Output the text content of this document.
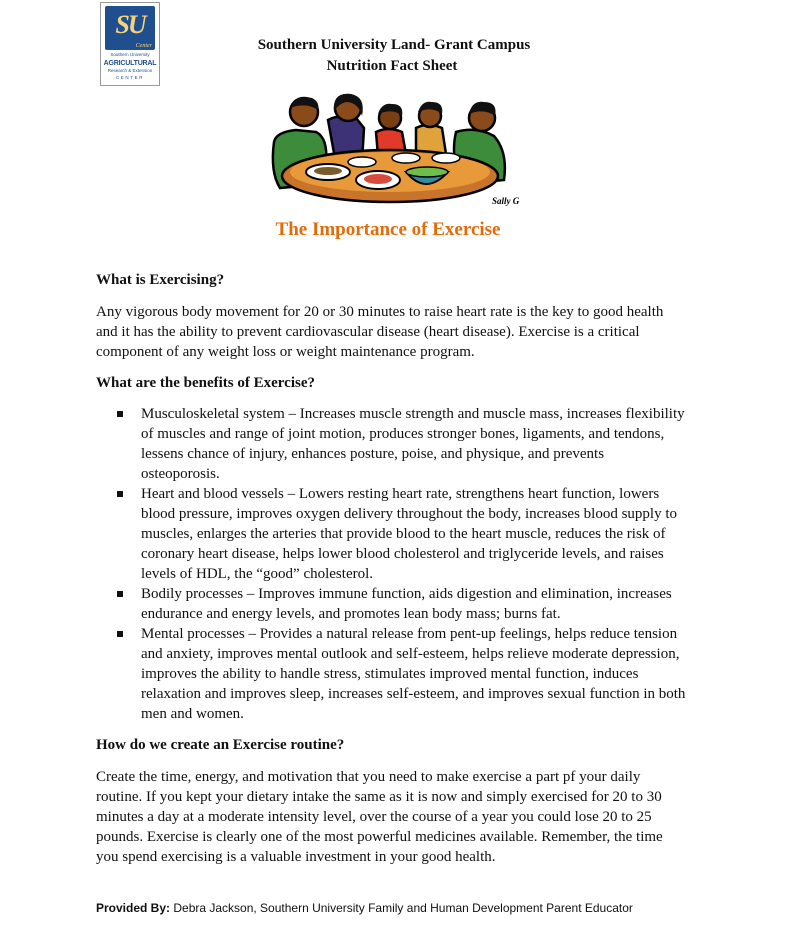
SU
Center
Southern University
AGRICULTURAL
Research & Extension
CENTER
Southern University Land- Grant Campus
Nutrition Fact Sheet
Sally G
The Importance of Exercise
What is Exercising?

Any vigorous body movement for 20 or 30 minutes to raise heart rate is the key to good health and it has the ability to prevent cardiovascular disease (heart disease). Exercise is a critical component of any weight loss or weight maintenance program.

What are the benefits of Exercise?
Musculoskeletal system – Increases muscle strength and muscle mass, increases flexibility of muscles and range of joint motion, produces stronger bones, ligaments, and tendons, lessens chance of injury, enhances posture, poise, and physique, and prevents osteoporosis.
Heart and blood vessels – Lowers resting heart rate, strengthens heart function, lowers blood pressure, improves oxygen delivery throughout the body, increases blood supply to muscles, enlarges the arteries that provide blood to the heart muscle, reduces the risk of coronary heart disease, helps lower blood cholesterol and triglyceride levels, and raises levels of HDL, the “good” cholesterol.
Bodily processes – Improves immune function, aids digestion and elimination, increases endurance and energy levels, and promotes lean body mass; burns fat.
Mental processes – Provides a natural release from pent-up feelings, helps reduce tension and anxiety, improves mental outlook and self-esteem, helps relieve moderate depression, improves the ability to handle stress, stimulates improved mental function, induces relaxation and improves sleep, increases self-esteem, and improves sexual function in both men and women.
How do we create an Exercise routine?

Create the time, energy, and motivation that you need to make exercise a part pf your daily routine. If you kept your dietary intake the same as it is now and simply exercised for 20 to 30 minutes a day at a moderate intensity level, over the course of a year you could lose 20 to 25 pounds. Exercise is clearly one of the most powerful medicines available. Remember, the time you spend exercising is a valuable investment in your good health.

Provided By: Debra Jackson, Southern University Family and Human Development Parent Educator
